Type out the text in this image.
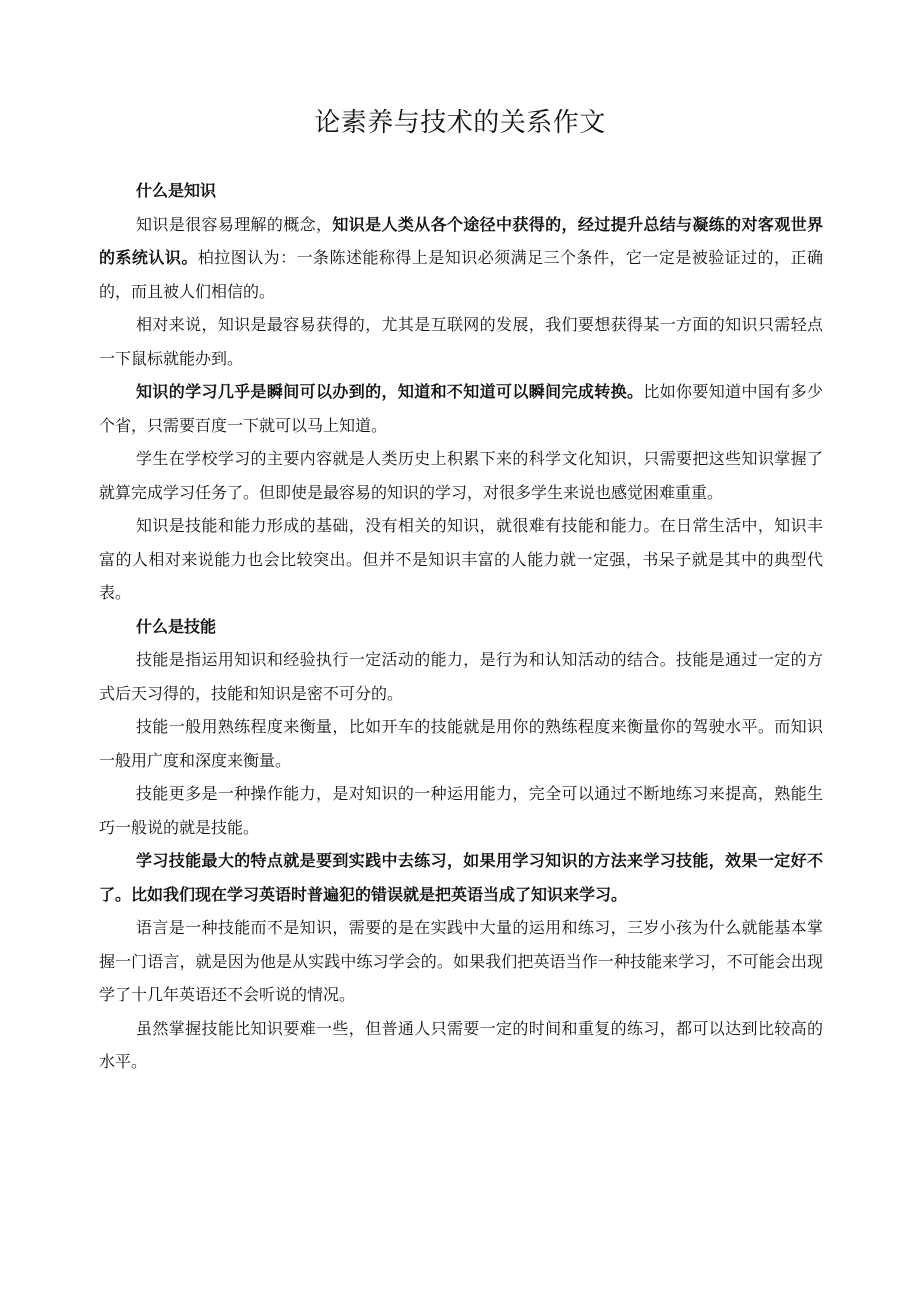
论素养与技术的关系作文

什么是知识

知识是很容易理解的概念，知识是人类从各个途径中获得的，经过提升总结与凝练的对客观世界的系统认识。柏拉图认为：一条陈述能称得上是知识必须满足三个条件，它一定是被验证过的，正确的，而且被人们相信的。

相对来说，知识是最容易获得的，尤其是互联网的发展，我们要想获得某一方面的知识只需轻点一下鼠标就能办到。

知识的学习几乎是瞬间可以办到的，知道和不知道可以瞬间完成转换。比如你要知道中国有多少个省，只需要百度一下就可以马上知道。

学生在学校学习的主要内容就是人类历史上积累下来的科学文化知识，只需要把这些知识掌握了就算完成学习任务了。但即使是最容易的知识的学习，对很多学生来说也感觉困难重重。

知识是技能和能力形成的基础，没有相关的知识，就很难有技能和能力。在日常生活中，知识丰富的人相对来说能力也会比较突出。但并不是知识丰富的人能力就一定强，书呆子就是其中的典型代表。

什么是技能

技能是指运用知识和经验执行一定活动的能力，是行为和认知活动的结合。技能是通过一定的方式后天习得的，技能和知识是密不可分的。

技能一般用熟练程度来衡量，比如开车的技能就是用你的熟练程度来衡量你的驾驶水平。而知识一般用广度和深度来衡量。

技能更多是一种操作能力，是对知识的一种运用能力，完全可以通过不断地练习来提高，熟能生巧一般说的就是技能。

学习技能最大的特点就是要到实践中去练习，如果用学习知识的方法来学习技能，效果一定好不了。比如我们现在学习英语时普遍犯的错误就是把英语当成了知识来学习。

语言是一种技能而不是知识，需要的是在实践中大量的运用和练习，三岁小孩为什么就能基本掌握一门语言，就是因为他是从实践中练习学会的。如果我们把英语当作一种技能来学习，不可能会出现学了十几年英语还不会听说的情况。

虽然掌握技能比知识要难一些，但普通人只需要一定的时间和重复的练习，都可以达到比较高的水平。
